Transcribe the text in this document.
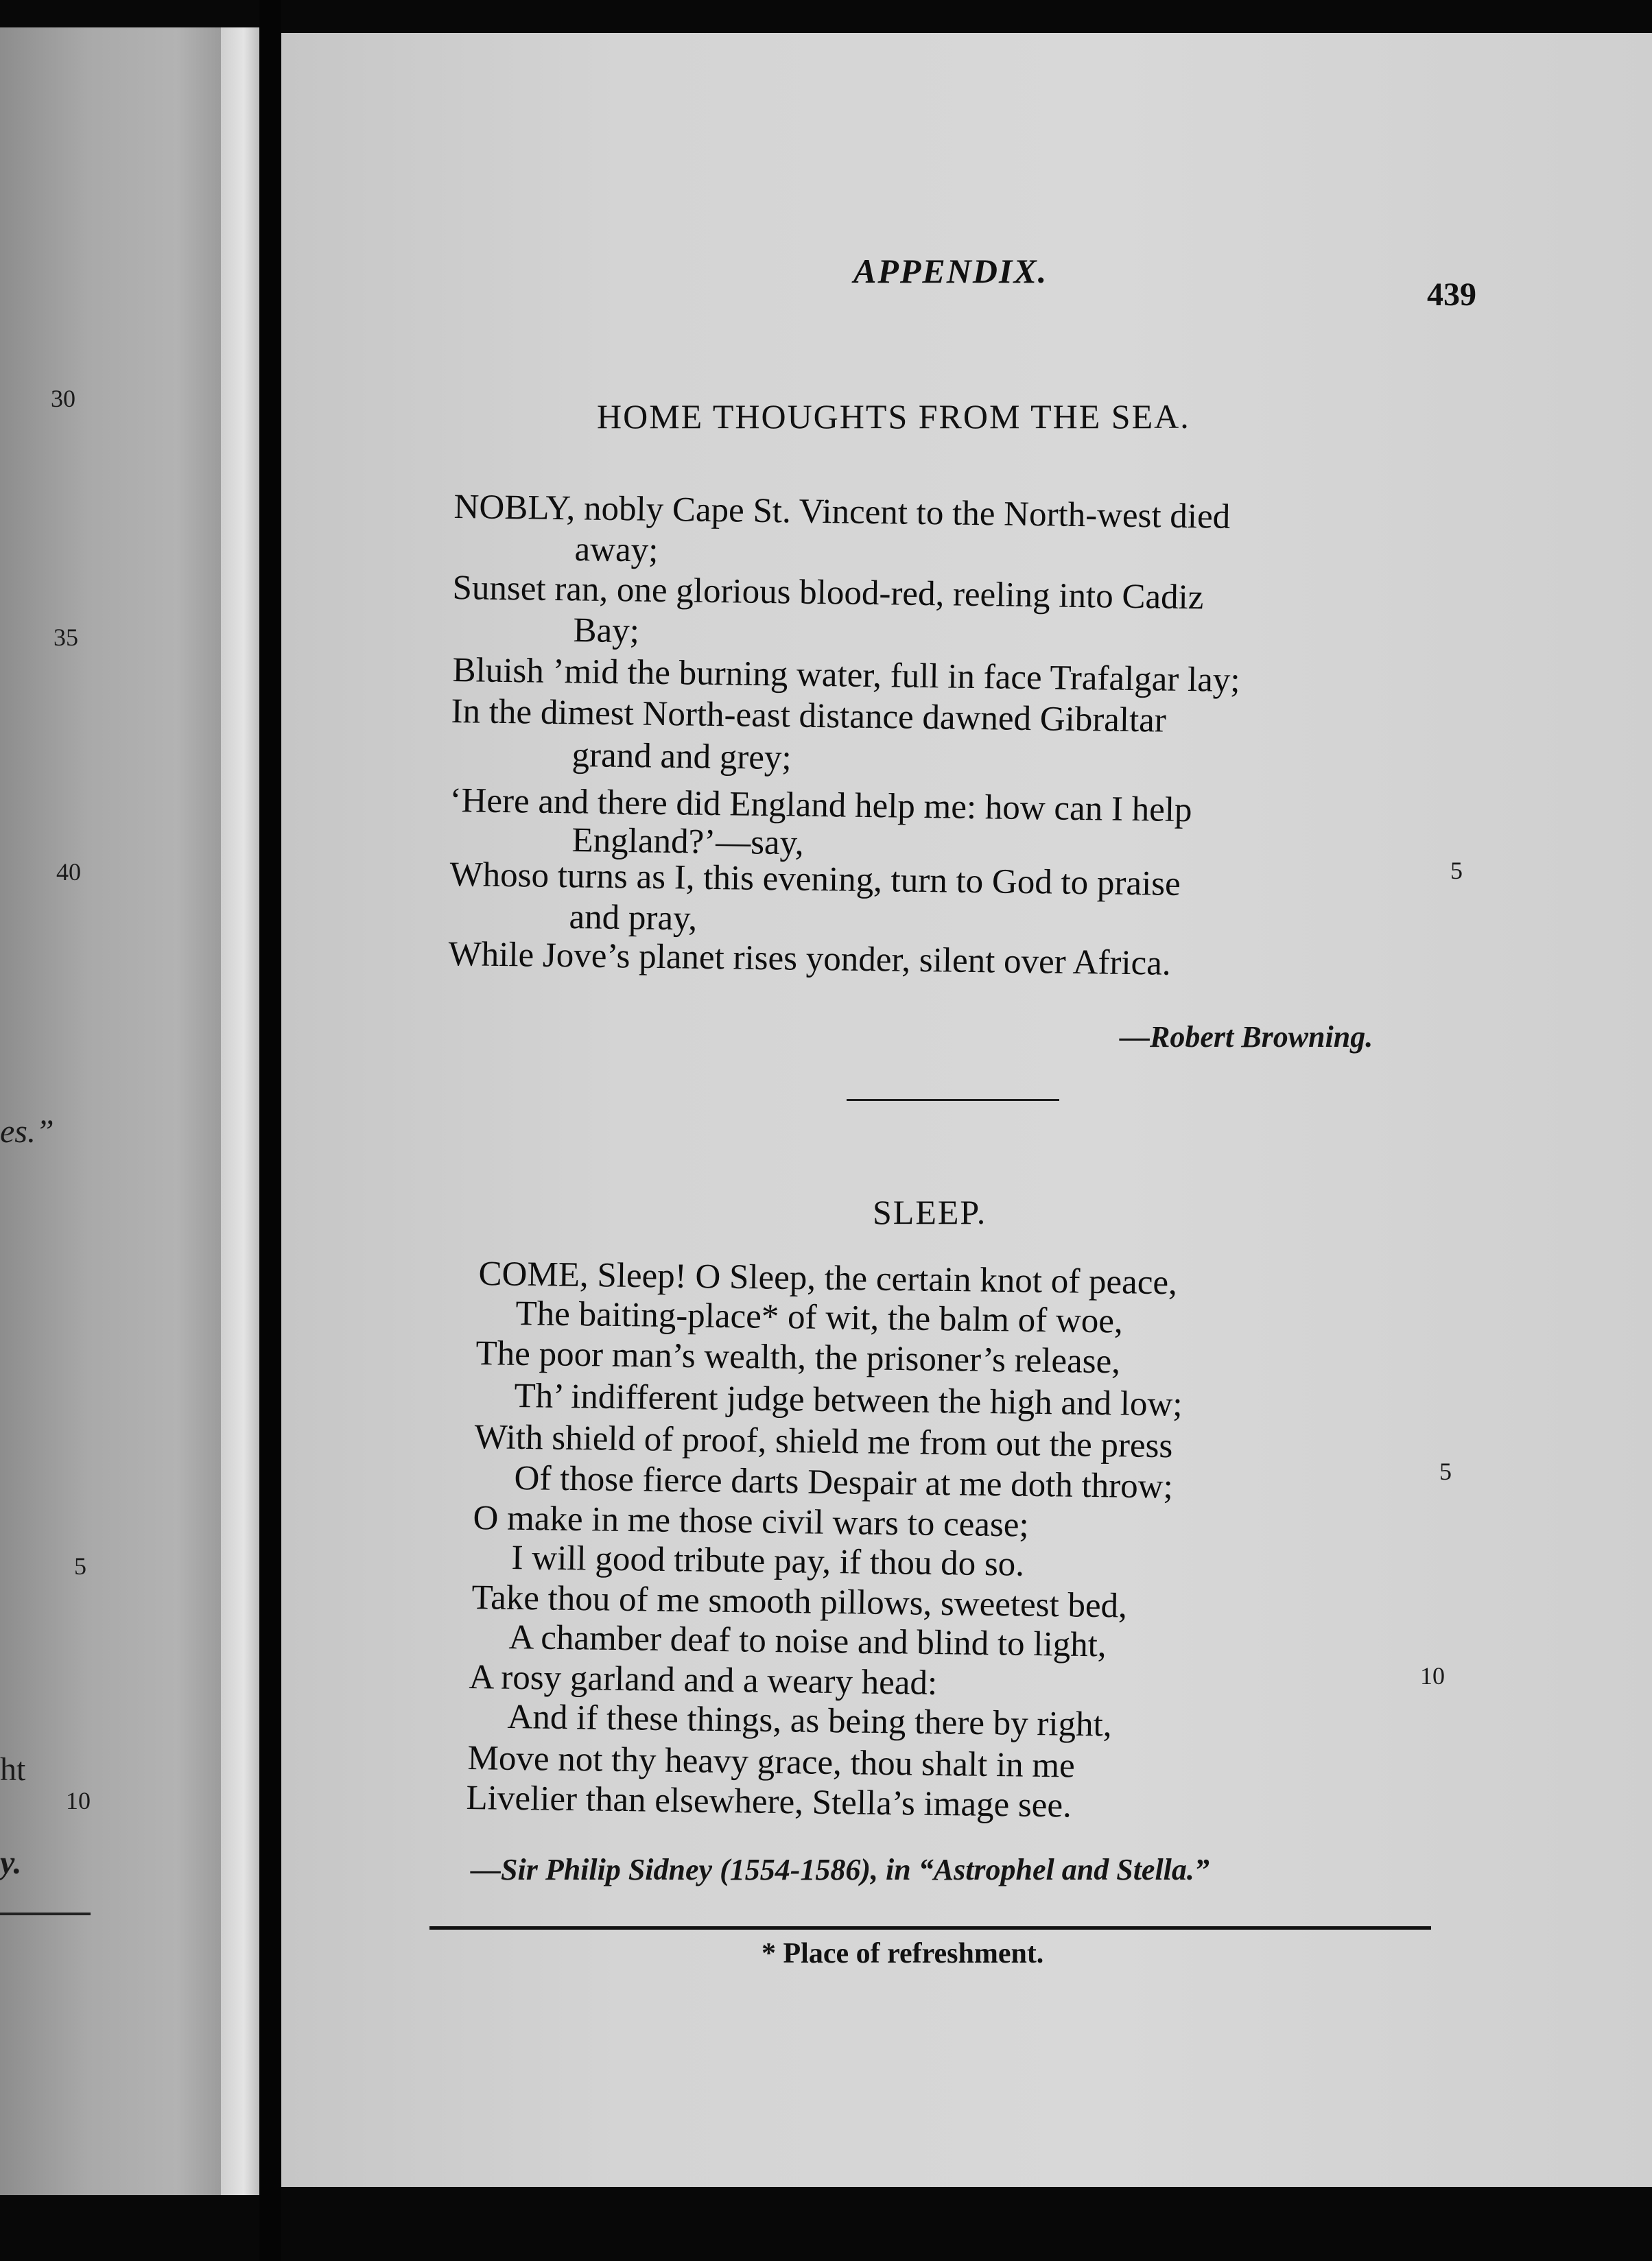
30
35
40
es.”
5
ht
10
y.
APPENDIX.
439
HOME THOUGHTS FROM THE SEA.
NOBLY, nobly Cape St. Vincent to the North-west died
away;
Sunset ran, one glorious blood-red, reeling into Cadiz
Bay;
Bluish ’mid the burning water, full in face Trafalgar lay;
In the dimest North-east distance dawned Gibraltar
grand and grey;
‘Here and there did England help me: how can I help
England?’—say,
5
Whoso turns as I, this evening, turn to God to praise
and pray,
While Jove’s planet rises yonder, silent over Africa.
—Robert Browning.
SLEEP.
COME, Sleep! O Sleep, the certain knot of peace,
The baiting-place* of wit, the balm of woe,
The poor man’s wealth, the prisoner’s release,
Th’ indifferent judge between the high and low;
With shield of proof, shield me from out the press
5
Of those fierce darts Despair at me doth throw;
O make in me those civil wars to cease;
I will good tribute pay, if thou do so.
Take thou of me smooth pillows, sweetest bed,
A chamber deaf to noise and blind to light,
10
A rosy garland and a weary head:
And if these things, as being there by right,
Move not thy heavy grace, thou shalt in me
Livelier than elsewhere, Stella’s image see.
—Sir Philip Sidney (1554-1586), in “Astrophel and Stella.”
* Place of refreshment.
